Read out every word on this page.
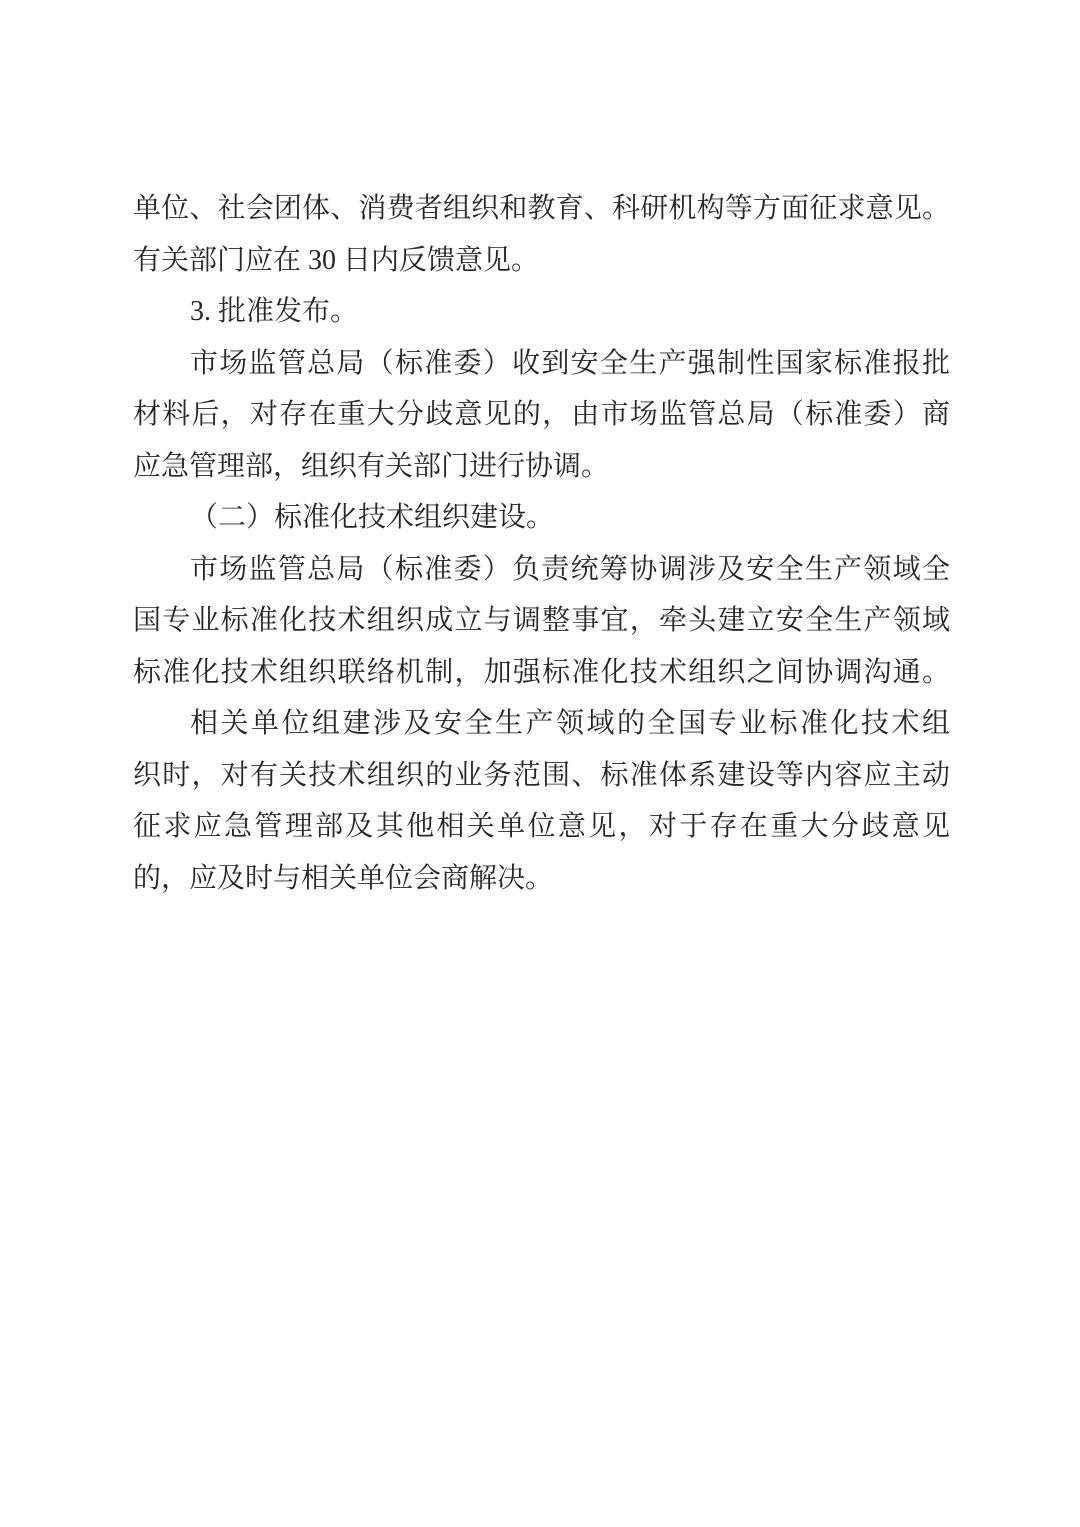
单位、社会团体、消费者组织和教育、科研机构等方面征求意见。
有关部门应在 30 日内反馈意见。
3. 批准发布。
市场监管总局（标准委）收到安全生产强制性国家标准报批
材料后，对存在重大分歧意见的，由市场监管总局（标准委）商
应急管理部，组织有关部门进行协调。
（二）标准化技术组织建设。
市场监管总局（标准委）负责统筹协调涉及安全生产领域全
国专业标准化技术组织成立与调整事宜，牵头建立安全生产领域
标准化技术组织联络机制，加强标准化技术组织之间协调沟通。
相关单位组建涉及安全生产领域的全国专业标准化技术组
织时，对有关技术组织的业务范围、标准体系建设等内容应主动
征求应急管理部及其他相关单位意见，对于存在重大分歧意见
的，应及时与相关单位会商解决。
